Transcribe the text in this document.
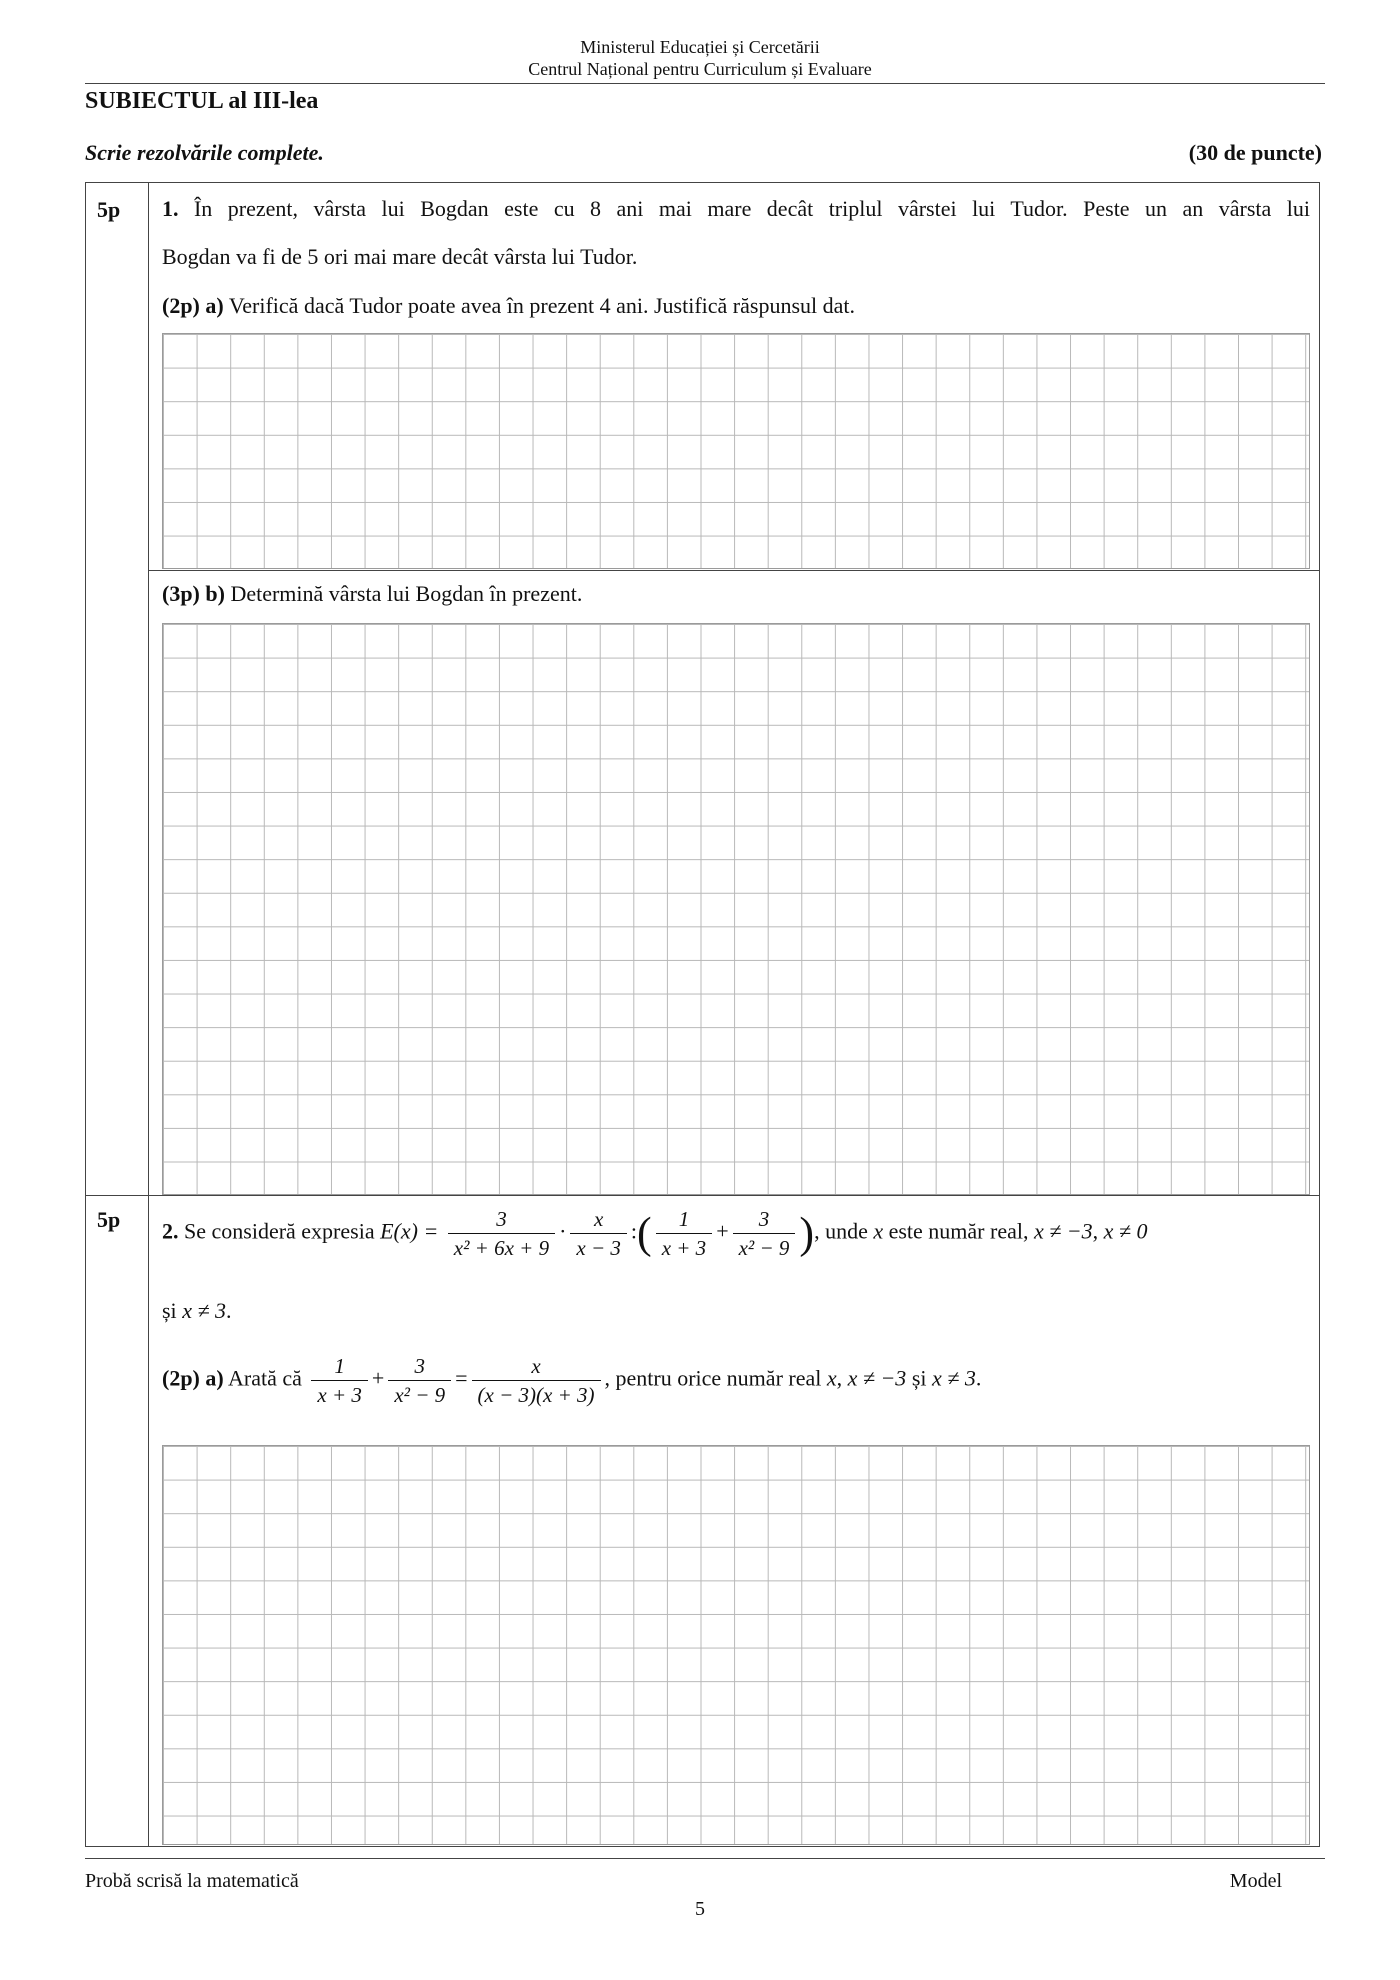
Ministerul Educației și Cercetării
Centrul Național pentru Curriculum și Evaluare
SUBIECTUL al III-lea
Scrie rezolvările complete.	(30 de puncte)
5p 1. În prezent, vârsta lui Bogdan este cu 8 ani mai mare decât triplul vârstei lui Tudor. Peste un an vârsta lui
Bogdan va fi de 5 ori mai mare decât vârsta lui Tudor.
(2p) a) Verifică dacă Tudor poate avea în prezent 4 ani. Justifică răspunsul dat.
(3p) b) Determină vârsta lui Bogdan în prezent.
5p 2. Se consideră expresia $E(x) = \frac{3}{\text{x² + 6x + 9}} \cdot \frac{x}{x - 3}$ :( $\frac{1}{x + 3} + \frac{3}{\text{x² − 9}}$ ), unde x este număr real, x ≠ −3, x ≠ 0
și x ≠ 3.
(2p) a) Arată că $\frac{1}{x + 3} + \frac{3}{\text{x² − 9}} = \frac{x}{(x - 3)(x + 3)}$ , pentru orice număr real x, x ≠ −3 și x ≠ 3.
Probă scrisă la matematică	Model
5
